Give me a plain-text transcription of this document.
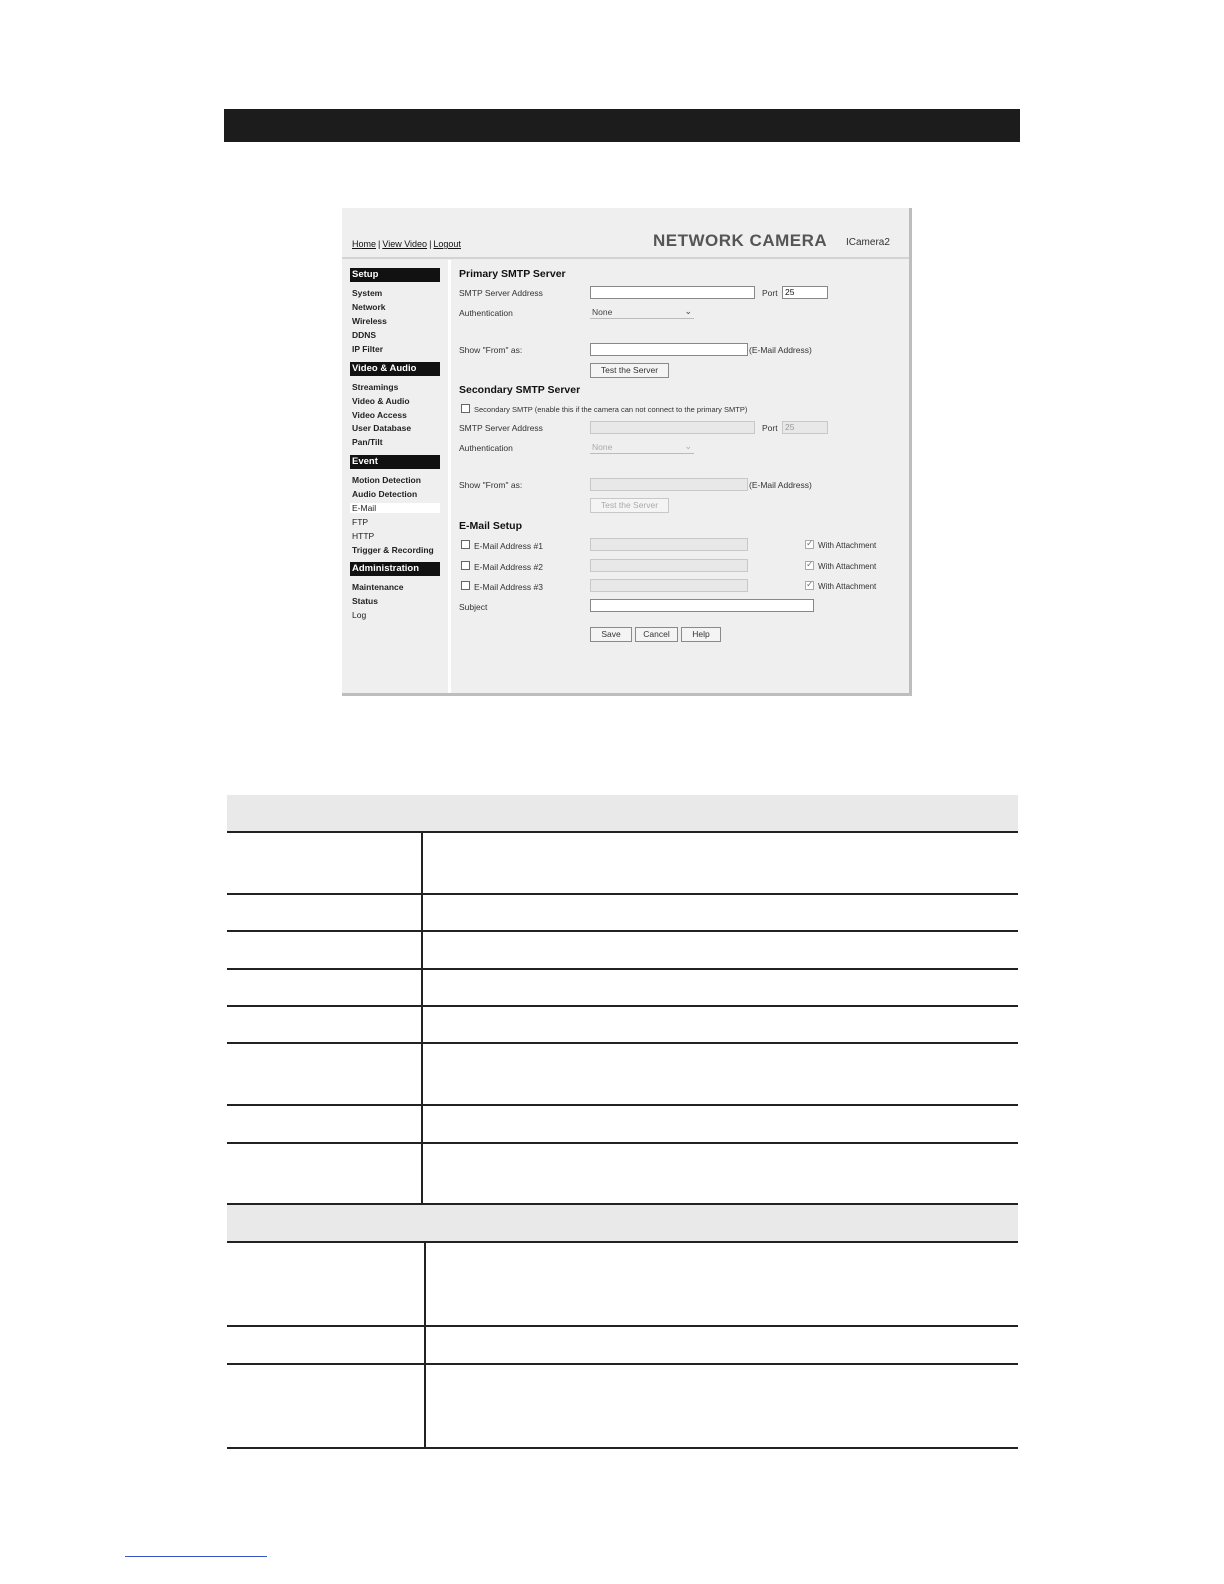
Home | View Video | Logout	NETWORK CAMERA ICamera2
Setup
System
Network
Wireless
DDNS
IP Filter
Video & Audio
Streamings
Video & Audio
Video Access
User Database
Pan/Tilt
Event
Motion Detection
Audio Detection
E-Mail
FTP
HTTP
Trigger & Recording
Administration
Maintenance
Status
Log
Primary SMTP Server
SMTP Server Address	Port 25
Authentication	None	⌄
Show "From" as:	(E-Mail Address)
Test the Server
Secondary SMTP Server
Secondary SMTP (enable this if the camera can not connect to the primary SMTP)
SMTP Server Address	Port 25
Authentication	None	⌄
Show "From" as:	(E-Mail Address)
Test the Server
E-Mail Setup
E-Mail Address #1 ✓	With Attachment
E-Mail Address #2 ✓	With Attachment
E-Mail Address #3 ✓	With Attachment
Subject
Save	Cancel	Help
